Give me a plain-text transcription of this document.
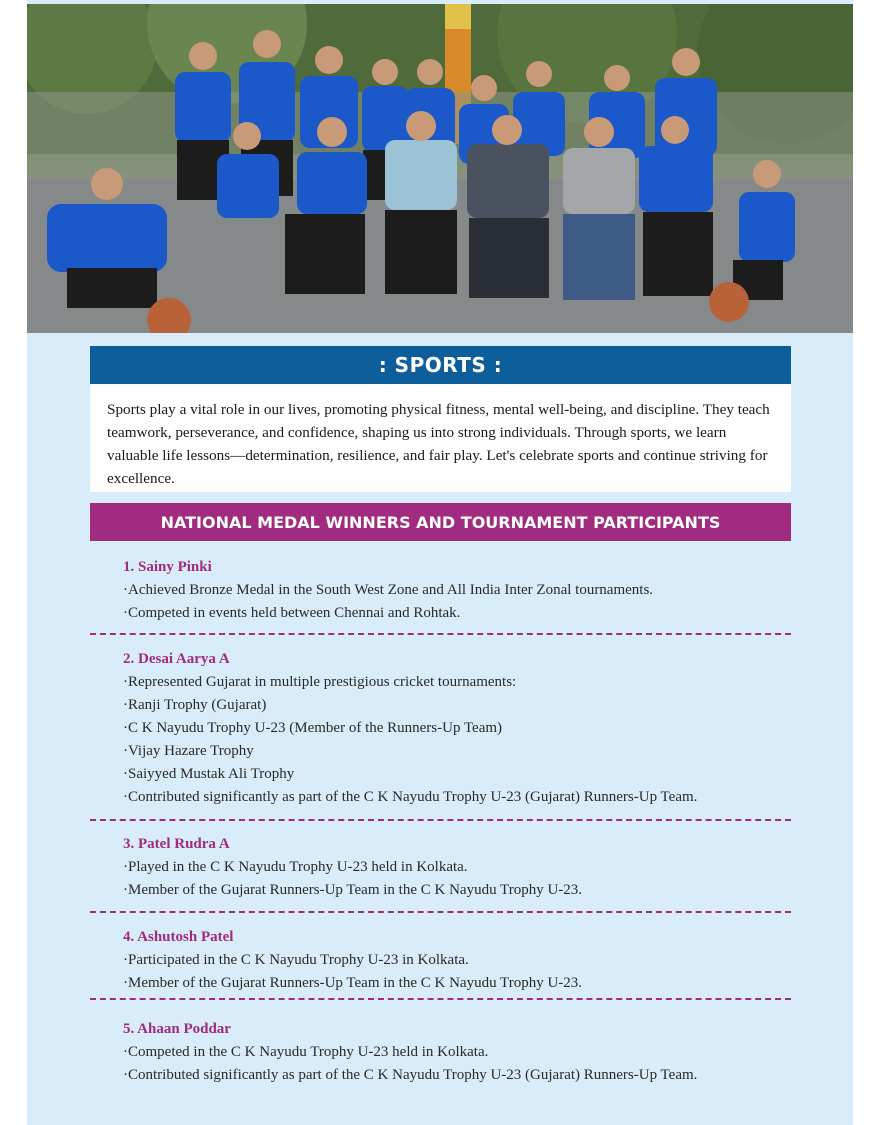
: SPORTS :
Sports play a vital role in our lives, promoting physical fitness, mental well-being, and discipline. They teach teamwork, perseverance, and confidence, shaping us into strong individuals. Through sports, we learn valuable life lessons—determination, resilience, and fair play. Let's celebrate sports and continue striving for excellence.
NATIONAL MEDAL WINNERS AND TOURNAMENT PARTICIPANTS
1. Sainy Pinki
·Achieved Bronze Medal in the South West Zone and All India Inter Zonal tournaments.
·Competed in events held between Chennai and Rohtak.
2. Desai Aarya A
·Represented Gujarat in multiple prestigious cricket tournaments:
·Ranji Trophy (Gujarat)
·C K Nayudu Trophy U-23 (Member of the Runners-Up Team)
·Vijay Hazare Trophy
·Saiyyed Mustak Ali Trophy
·Contributed significantly as part of the C K Nayudu Trophy U-23 (Gujarat) Runners-Up Team.
3. Patel Rudra A
·Played in the C K Nayudu Trophy U-23 held in Kolkata.
·Member of the Gujarat Runners-Up Team in the C K Nayudu Trophy U-23.
4. Ashutosh Patel
·Participated in the C K Nayudu Trophy U-23 in Kolkata.
·Member of the Gujarat Runners-Up Team in the C K Nayudu Trophy U-23.
5. Ahaan Poddar
·Competed in the C K Nayudu Trophy U-23 held in Kolkata.
·Contributed significantly as part of the C K Nayudu Trophy U-23 (Gujarat) Runners-Up Team.
